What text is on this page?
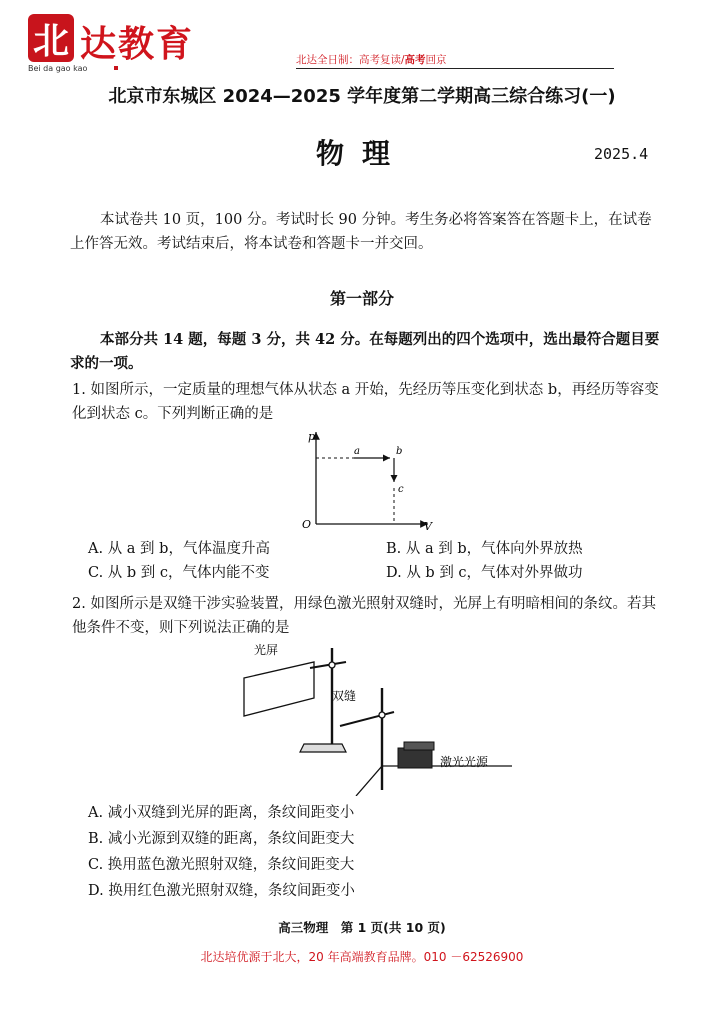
北 达教育
Bei da gao kao
北达全日制：高考复读/高考回京
北京市东城区 2024—2025 学年度第二学期高三综合练习(一)
物理	2025.4
本试卷共 10 页，100 分。考试时长 90 分钟。考生务必将答案答在答题卡上，在试卷上作答无效。考试结束后，将本试卷和答题卡一并交回。
第一部分
本部分共 14 题，每题 3 分，共 42 分。在每题列出的四个选项中，选出最符合题目要求的一项。
1. 如图所示，一定质量的理想气体从状态 a 开始，先经历等压变化到状态 b，再经历等容变化到状态 c。下列判断正确的是
p
V
O
a	b
c
A. 从 a 到 b，气体温度升高	B. 从 a 到 b，气体向外界放热
C. 从 b 到 c，气体内能不变	D. 从 b 到 c，气体对外界做功
2. 如图所示是双缝干涉实验装置，用绿色激光照射双缝时，光屏上有明暗相间的条纹。若其他条件不变，则下列说法正确的是
光屏
双缝
激光光源
A. 减小双缝到光屏的距离，条纹间距变小
B. 减小光源到双缝的距离，条纹间距变大
C. 换用蓝色激光照射双缝，条纹间距变大
D. 换用红色激光照射双缝，条纹间距变小
高三物理　第 1 页(共 10 页)
北达培优源于北大，20 年高端教育品牌。010 －62526900
